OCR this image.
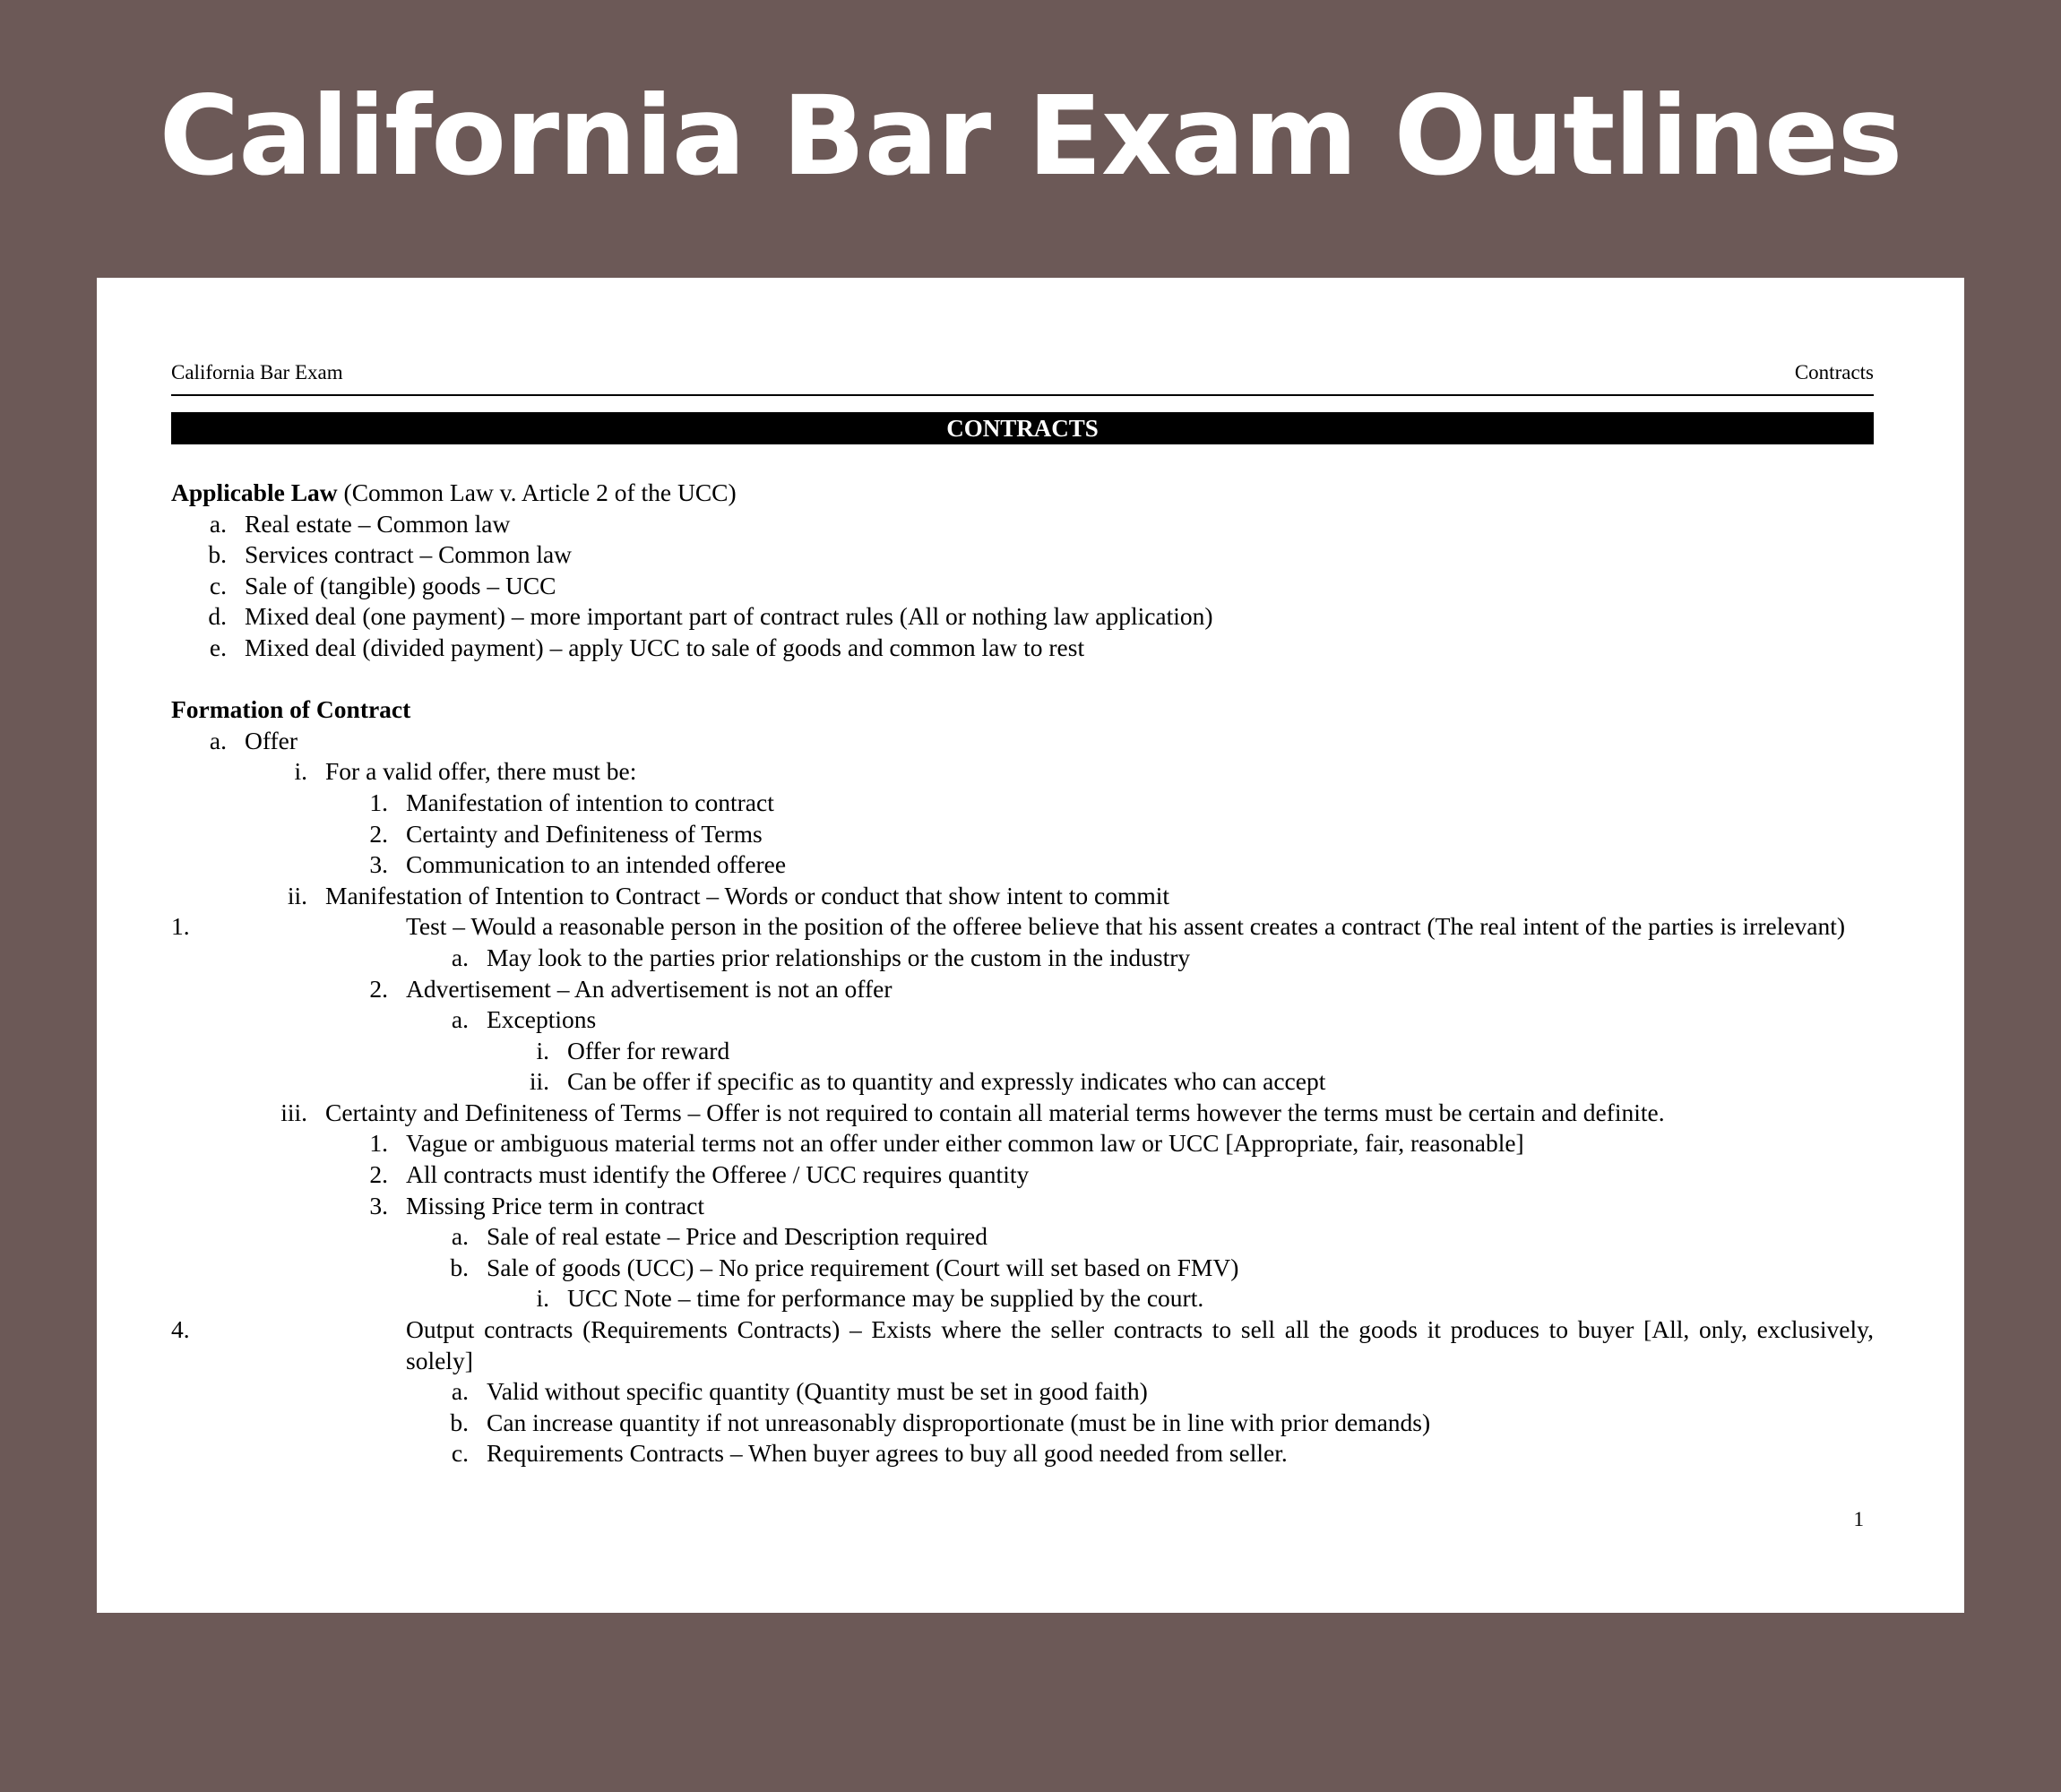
California Bar Exam Outlines
California Bar Exam	Contracts
CONTRACTS
Applicable Law (Common Law v. Article 2 of the UCC)
a. Real estate – Common law
b. Services contract – Common law
c. Sale of (tangible) goods – UCC
d. Mixed deal (one payment) – more important part of contract rules (All or nothing law application)
e. Mixed deal (divided payment) – apply UCC to sale of goods and common law to rest
Formation of Contract
a. Offer
i. For a valid offer, there must be:
1. Manifestation of intention to contract
2. Certainty and Definiteness of Terms
3. Communication to an intended offeree
ii. Manifestation of Intention to Contract – Words or conduct that show intent to commit
1.	Test – Would a reasonable person in the position of the offeree believe that his assent creates a contract (The real intent of the parties is irrelevant)
a. May look to the parties prior relationships or the custom in the industry
2. Advertisement – An advertisement is not an offer
a. Exceptions
i. Offer for reward
ii. Can be offer if specific as to quantity and expressly indicates who can accept
iii. Certainty and Definiteness of Terms – Offer is not required to contain all material terms however the terms must be certain and definite.
1. Vague or ambiguous material terms not an offer under either common law or UCC [Appropriate, fair, reasonable]
2. All contracts must identify the Offeree / UCC requires quantity
3. Missing Price term in contract
a. Sale of real estate – Price and Description required
b. Sale of goods (UCC) – No price requirement (Court will set based on FMV)
i. UCC Note – time for performance may be supplied by the court.
4.	Output contracts (Requirements Contracts) – Exists where the seller contracts to sell all the goods it produces to buyer [All, only, exclusively, solely]
a. Valid without specific quantity (Quantity must be set in good faith)
b. Can increase quantity if not unreasonably disproportionate (must be in line with prior demands)
c. Requirements Contracts – When buyer agrees to buy all good needed from seller.
1
